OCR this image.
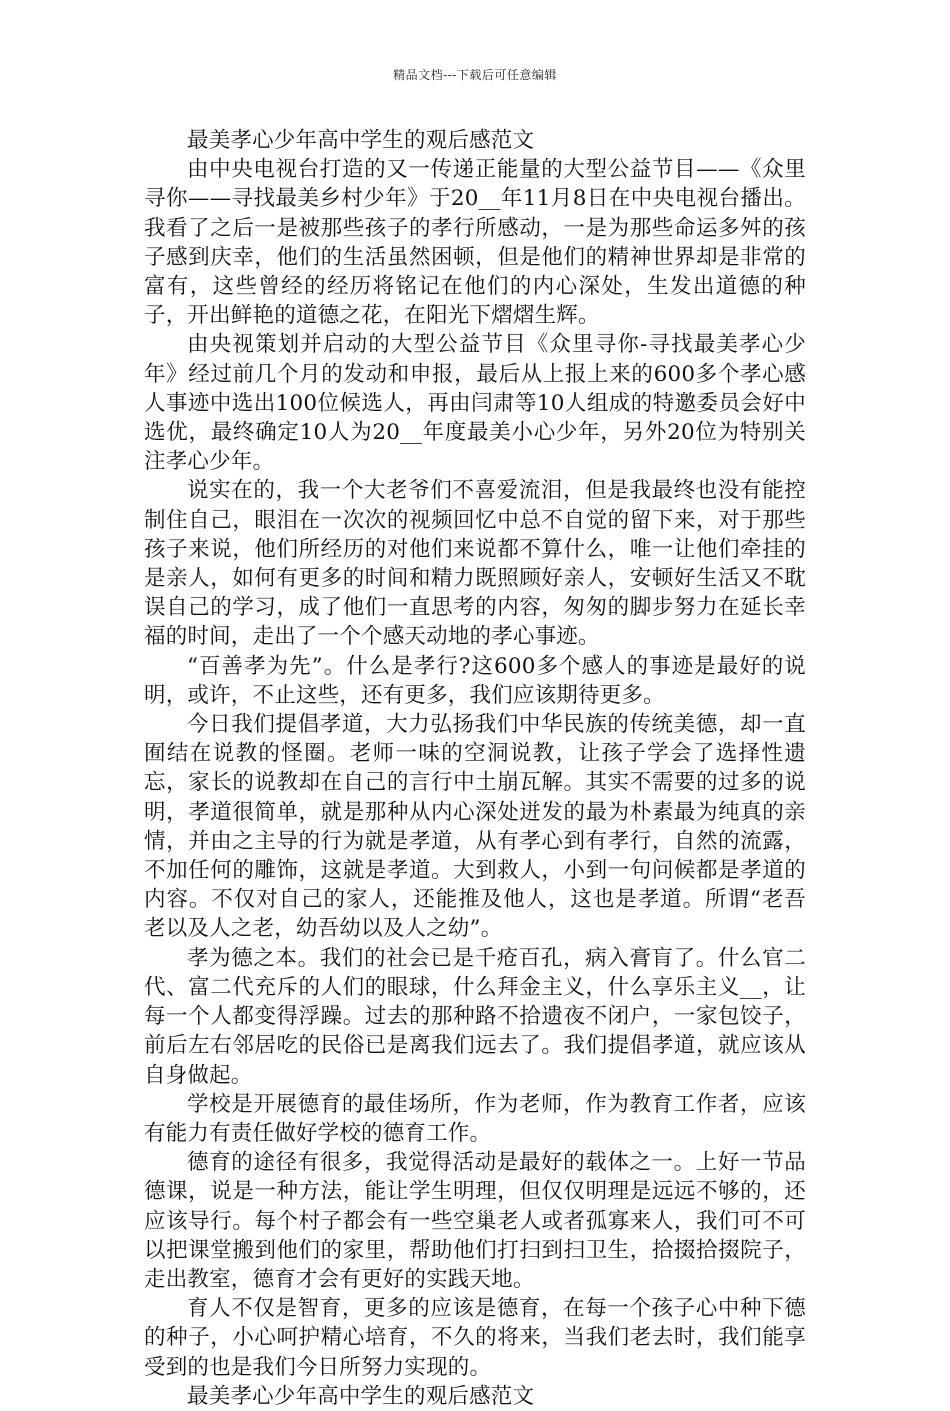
精品文档---下载后可任意编辑

最美孝心少年高中学生的观后感范文

由中央电视台打造的又一传递正能量的大型公益节目——《众里寻你——寻找最美乡村少年》于20__年11月8日在中央电视台播出。我看了之后一是被那些孩子的孝行所感动，一是为那些命运多舛的孩子感到庆幸，他们的生活虽然困顿，但是他们的精神世界却是非常的富有，这些曾经的经历将铭记在他们的内心深处，生发出道德的种子，开出鲜艳的道德之花，在阳光下熠熠生辉。

由央视策划并启动的大型公益节目《众里寻你-寻找最美孝心少年》经过前几个月的发动和申报，最后从上报上来的600多个孝心感人事迹中选出100位候选人，再由闫肃等10人组成的特邀委员会好中选优，最终确定10人为20__年度最美小心少年，另外20位为特别关注孝心少年。

说实在的，我一个大老爷们不喜爱流泪，但是我最终也没有能控制住自己，眼泪在一次次的视频回忆中总不自觉的留下来，对于那些孩子来说，他们所经历的对他们来说都不算什么，唯一让他们牵挂的是亲人，如何有更多的时间和精力既照顾好亲人，安顿好生活又不耽误自己的学习，成了他们一直思考的内容，匆匆的脚步努力在延长幸福的时间，走出了一个个感天动地的孝心事迹。

“百善孝为先”。什么是孝行?这600多个感人的事迹是最好的说明，或许，不止这些，还有更多，我们应该期待更多。

今日我们提倡孝道，大力弘扬我们中华民族的传统美德，却一直囿结在说教的怪圈。老师一味的空洞说教，让孩子学会了选择性遗忘，家长的说教却在自己的言行中土崩瓦解。其实不需要的过多的说明，孝道很简单，就是那种从内心深处迸发的最为朴素最为纯真的亲情，并由之主导的行为就是孝道，从有孝心到有孝行，自然的流露，不加任何的雕饰，这就是孝道。大到救人，小到一句问候都是孝道的内容。不仅对自己的家人，还能推及他人，这也是孝道。所谓“老吾老以及人之老，幼吾幼以及人之幼”。

孝为德之本。我们的社会已是千疮百孔，病入膏肓了。什么官二代、富二代充斥的人们的眼球，什么拜金主义，什么享乐主义__，让每一个人都变得浮躁。过去的那种路不拾遗夜不闭户，一家包饺子，前后左右邻居吃的民俗已是离我们远去了。我们提倡孝道，就应该从自身做起。

学校是开展德育的最佳场所，作为老师，作为教育工作者，应该有能力有责任做好学校的德育工作。

德育的途径有很多，我觉得活动是最好的载体之一。上好一节品德课，说是一种方法，能让学生明理，但仅仅明理是远远不够的，还应该导行。每个村子都会有一些空巢老人或者孤寡来人，我们可不可以把课堂搬到他们的家里，帮助他们打扫到扫卫生，拾掇拾掇院子，走出教室，德育才会有更好的实践天地。

育人不仅是智育，更多的应该是德育，在每一个孩子心中种下德的种子，小心呵护精心培育，不久的将来，当我们老去时，我们能享受到的也是我们今日所努力实现的。

最美孝心少年高中学生的观后感范文
